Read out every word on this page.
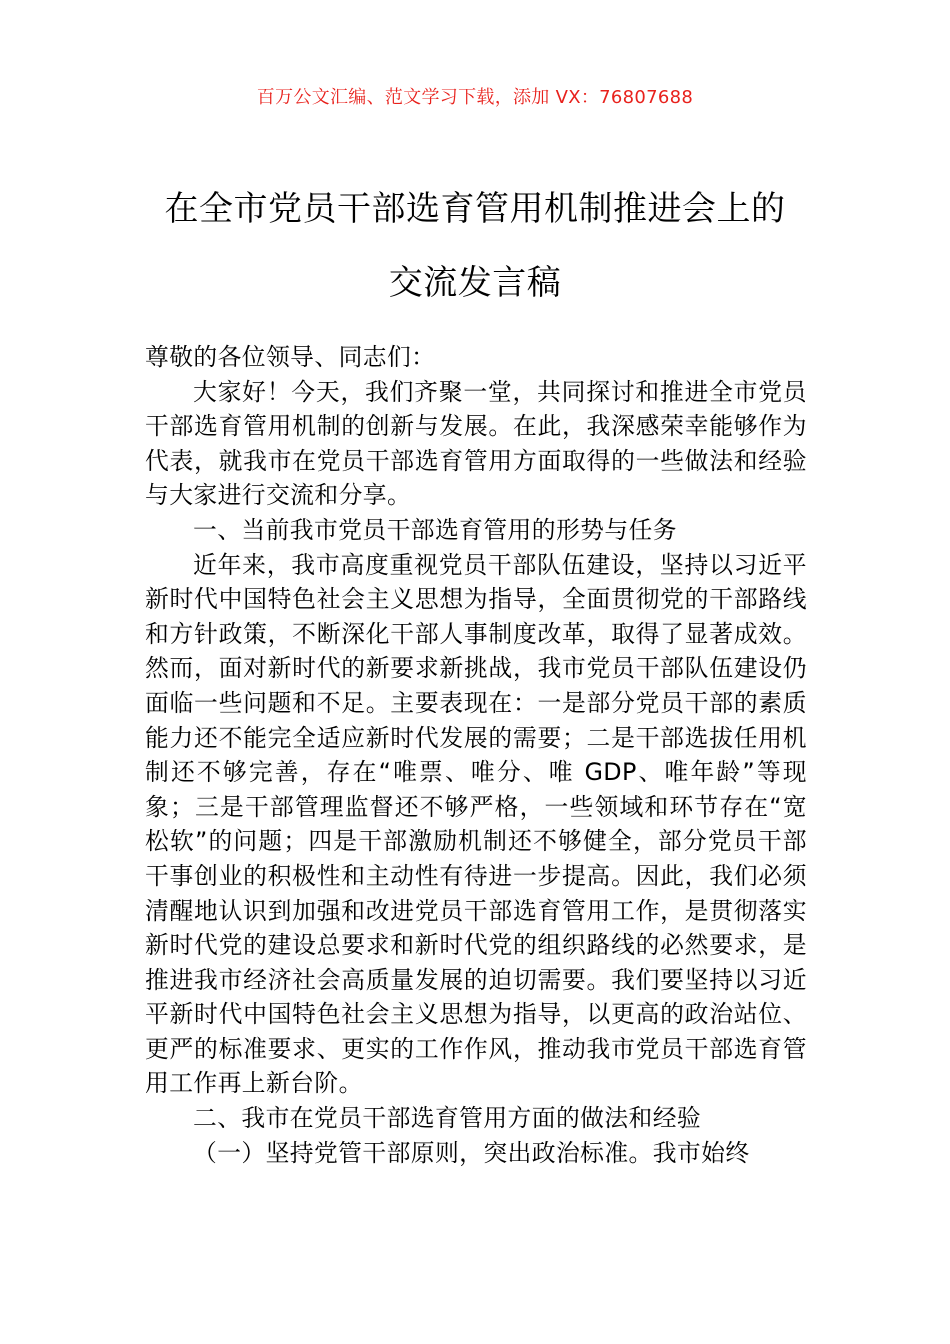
百万公文汇编、范文学习下载，添加 VX：76807688
在全市党员干部选育管用机制推进会上的
交流发言稿

尊敬的各位领导、同志们：

大家好！今天，我们齐聚一堂，共同探讨和推进全市党员干部选育管用机制的创新与发展。在此，我深感荣幸能够作为代表，就我市在党员干部选育管用方面取得的一些做法和经验与大家进行交流和分享。

一、当前我市党员干部选育管用的形势与任务

近年来，我市高度重视党员干部队伍建设，坚持以习近平新时代中国特色社会主义思想为指导，全面贯彻党的干部路线和方针政策，不断深化干部人事制度改革，取得了显著成效。然而，面对新时代的新要求新挑战，我市党员干部队伍建设仍面临一些问题和不足。主要表现在：一是部分党员干部的素质能力还不能完全适应新时代发展的需要；二是干部选拔任用机制还不够完善，存在“唯票、唯分、唯 GDP、唯年龄”等现象；三是干部管理监督还不够严格，一些领域和环节存在“宽松软”的问题；四是干部激励机制还不够健全，部分党员干部干事创业的积极性和主动性有待进一步提高。因此，我们必须清醒地认识到加强和改进党员干部选育管用工作，是贯彻落实新时代党的建设总要求和新时代党的组织路线的必然要求，是推进我市经济社会高质量发展的迫切需要。我们要坚持以习近平新时代中国特色社会主义思想为指导，以更高的政治站位、更严的标准要求、更实的工作作风，推动我市党员干部选育管用工作再上新台阶。

二、我市在党员干部选育管用方面的做法和经验

（一）坚持党管干部原则，突出政治标准。我市始终
